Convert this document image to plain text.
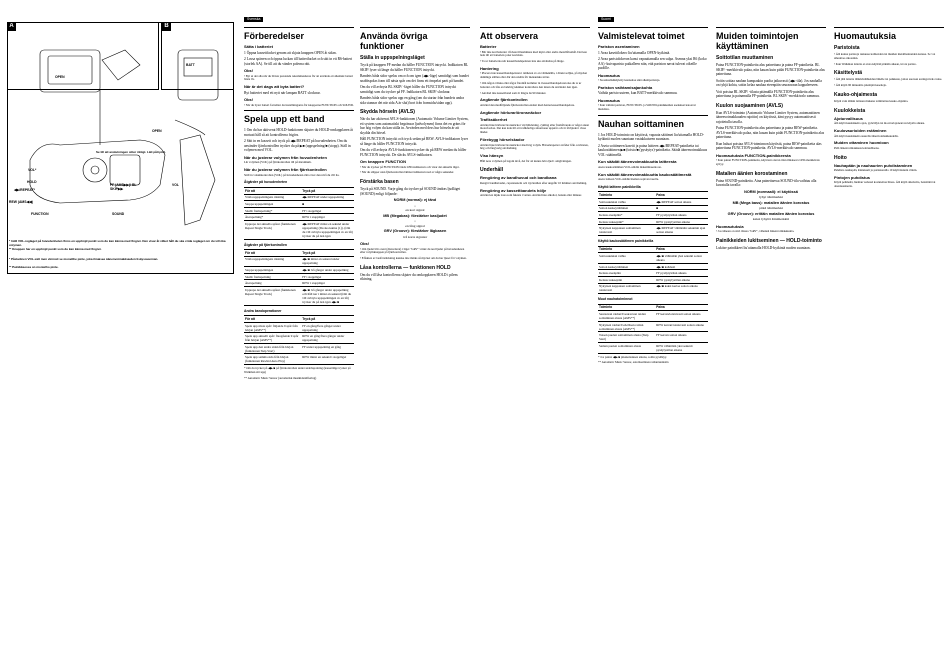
A	B
OPEN
BATT
OPEN
Se till att anslutningen sitter riktigt. Lätt påtryckt.
VOL*
HOLD
◀▶/REPEAT*
REW (AMS◀◀)
FUNCTION	SOUND
FF (AMS▶▶)/ BL SKIP▶▶
VOL
* Intill VOL-reglaget på huvudenheten finns en upphöjd punkt som du kan känna med fingret. Den visar åt vilket håll du ska vrida reglaget om du vill öka volymen.
** Knappen har en upphöjd punkt som du kan känna med fingret.
* Påskelinen VOL-sätt men vimnoit se monelthe pinte, joka ilmaisee äänenvoimakkuuden lisäyssuunnan.
** Painikkeessa on monielho pinte.
Svenska	Suomi
Förberedelser
Sätta i batteriet

1 Öppna kassettfacket genom att skjuta knappen OPEN åt sidan.

2 Lossa spärren och öppna luckan till batterifacket och sätt in ett R6-batteri (storlek AA). Se till att du vänder polerna rätt.

Obs!

• Byt ut det alla när du blösta prestanda rekommenderas för att använda ett alkaliskt batteri bästa liv.

När är det dags att byta batteri?

Byt batteriet med ett nytt när lampan BATT slocknar.

Obs!

• När du byter batteri fortsätter du installningarna för knapparna FUNCTION och SOUND.

Spela upp ett band

1 Om du har aktiverat HOLD-funktionen skjuter du HOLD-omkopplaren åt motsatt håll så att kontrollerna frigörs.

2 Sätt in en kassett och tryck på ◀▶/REPEAT på huvudenheten. Om du använder fjärrkontrollen trycker du på ▶■ (uppspelning/■ (stopp). Ställ in volymen med VOL.

När du justerar volymen från huvudenheten

Lär volymen (VOL) på fjärrkontrollen till på maximum.

När du justerar volymen från fjärrkontrollen

Ställ in volumkontrollen (VOL) på huvudenheten rätta över den nivå du vill ha.

Åtgärder på huvudenheten
För att	Tryck på
Växla uppspelningens riktning	◀▶/REPEAT under uppspelning
Stoppa uppspelningen	■
Snabb framspolning*	FF i stoppläget
Återspolning*	REW i stoppläget
Upprepa det aktuella spåret (funktionen Repeat Single Track)	◀▶/REPEAT minst en sekund under uppspelning (Du ska kunna (1)). (Om du vill avbryta uppspelningen av en låt) trycker du på den igen
Åtgärder på fjärrkontrollen
För att	Tryck på
Växla uppspelningens riktning	◀▶/■ minst en sekund under uppspelning
Stoppa uppspelningen	◀▶/■ två gånger under uppspelning
Snabb framspolning	FF i stoppläget
Återspolning	REW i stoppläget
Upprepa det aktuella spåret (funktionen Repeat Single Track)	◀▶/■ två gånger under uppspelning och håll ner i minst en sekund (Om du vill avbryta uppspelningen av en låt) trycker du på den igen ◀▶/■
Andra bandoperationer
För att	Tryck på
Spela upp nästa spår/ följande 9 spår från början (AMS**)	FF en gång/flera gånger under uppspelning
Spela upp aktuellt spår/ föregående 9 spår från början (AMS**)	REW en gång/flera gånger under uppspelning
Spela upp den andra sidan från början (funktionen Skip Start)	FF under uppspelning en gång
Spela upp samma sida från början (funktionen Rewind Auto Play)	REW minst en sekund i stoppläget

* Om du trycker på ◀▶/■ på fjärrkontrollen under snabbspolning (kassettläge trycker på Walkman sitt upp)

** Automatic Music Sensor (automatisk musikidentifiering)

Använda övriga funktioner
Ställa in uppspelningsläget

Tryck på knappen FF medan du håller FUNCTION intryckt. Indikatorn BL SKIP/ lyser så länge du håller FUNCTION intryckt.

Bandets båda sidor spelas om och om igen (◀▶-läge) samtidigt som bandet snabbspolas fram till nästa spår om det finns ett ömpelat parti på bandet.

Om du vill avbryta BL SKIP/ -läget håller du FUNCTION intryckt samtidigt som du trycker på FF. Indikatorn BL SKIP/ slocknar.

Bandets båda sidor spelas upp en gång (om du startar från bandets andra sida stannar det när sida A är slut) bort från framsida/sidan upp).

Skydda hörseln (AVLS)

När du har aktiverat AVLS-funktionen (Automatic Volume Limiter System, ett system som automatiskt begränsar ljudvolymen) finns det en gräns för hur hög volym du kan ställa in. Avvärden med dess hur hörseln är att skydda din hörsel.

Håll FUNCTION intryckt och tryck sedan på REW. AVLS-indikatorn lyser så länge du håller FUNCTION intryckt.

Om du vill avbryta AVLS-funktionen trycker du på REW medan du håller FUNCTION intryckt. De släcks AVLS-indikatorn.

Om knappen FUNCTION

• När du trycker på FUNCTION tänds LED-indikatorn och visar det aktuella läget.

• När du släpper utan fjärrkontrollen lämnar indikatorn ned av några sekunder.

Förstärka basen

Tryck på SOUND. Varje gång du trycker på SOUND ändras ljudläget (SOUND) enligt följande:

NORM (normal): ej tänd
↓
en kort signal
MB (Megabas): förstärker basljudet
↓
en lång signal
GRV (Groove): förstärker lågbasen
två korta signaler
Obs!

• Om ljudet blir orent (distorderat) i läget "GRV" vrider du ned ljudet på huvudenheten eller volymknappen på fjärrkontrollen.

• Effekten av basförstärkning kanske inte märks så mycket om du har ljuset för volymen.

Låsa kontrollerna — funktionen HOLD

Om du vill låsa kontrollerna skjuter du omkopplaren HOLD i pilens riktning.

Att observera
Batterier

• Bär inte kortbatterier i fickan tillsammans med mynt eller andra metallföremål. Det kan leda till att batteriets poler kortsluts.

• Ta ur batterierna när kassettbandspelaren inte ska användas på länge.

Hantering

• Placera inte kassettbandspelaren i närheten av en värmekälla, i direkt solljus, på mycket dammiga ställen eller där den utsätts för mekaniska stötar.

• Om någon vätska eller något föremål kommer in i kassettbandspelaren ska du ta ur batteriet och låta en behörig tekniker kontrollera den innan du använder den igen.

• Använd inte kassettband som är längre än 90 minuter.

Angående fjärrkontrollen

Använd den medföljande fjärrkontrollen endast med denna kassettbandspelare.

Angående hörlurar/öronsnäckor
Trafiksäkerhet

Använd inte hörlurar/öronsnäckor vid bilkörning, cykling eller framförande av något annat motorfordon. Det kan leda till att trafikfarliga situationer uppstår och är förbjudet i vissa länder.

Förebygg hörselskador

Använd inte hörlurar/öronsnäckor med hög volym. Hörselexperter avråder från oavbruten, hög och långvarig användning.

Visa hänsyn

Håll nere volymen på lagom nivå, det för att kunna höra ljud i omgivningen.

Underhåll
Rengöring av bandhuvud och bandbana

Rengör bandhuvudet, capstanaxeln och tryckrullen efter ungefär 10 timmars användning.

Rengöring av kassettbandets hölje

Använd en mjuk trasa som fuktats i vatten. Använd inte alkohol, bensin eller thinner.

Valmistelevat toimet
Pariston asentaminen

1 Avaa kasettilokero liu'uttamalla OPEN-kytkintä.

2 Avaa paristolokeron kansi vapauttamalla sen salpa. Asenna yksi R6 (koko AA) -kuivaparisto paikalleen niin, että pariston navat tulevat oikeille puolille.

Huomautus

• Suosituslisäkäytetty kannattaa sinä alkaliparistoja.

Pariston vaihtamisajankohta

Vaihda paristo uuteen, kun BATT-merkkivalo sammuu.

Huomautus

• Kun vaihdat pariston, FUNCTION- ja SOUND-painikkeiden asetukset katoavat muistista.

Nauhan soittaminen

1 Jos HOLD-toiminto on käytössä, vapauta säätimet liu'uttamalla HOLD-kytkintä nuolen suuntaan vastakkaiseen suuntaan.

2 Aseta soittimeen kasetti ja paina laitteen ◀▶/REPEAT-painiketta tai kaukosäätimen ▶■ (toisto/■ (pysäytys)-painiketta. Säädä äänenvoimakkuus VOL-säätimellä.

Kun säädät äänenvoimakkuutta laitteesta

Aseta kaukosäätimen VOL-säädin maksimiasentoon.

Kun säädät äänenvoimakkuutta kaukosäätimestä

Aseta laitteen VOL-säädin hieman sopivan tasolle.

Käyttö laitteen painikkeilla
Toiminto	Paina
Soittosuunnan vaihto	◀▶/REPEAT soiton aikana
Soiton keskeyttäminen	■
Kelaus eteenpäin*	FF pysäytystilan aikana
Kelaus taaksepäin*	REW pysäytystilan aikana
Nykyisen kappaleen soittaminen toistuvasti	◀▶/REPEAT vähintään sekunnin ajan soiton aikana
Käyttö kaukosäätimen painikkeilla
Toiminto	Paina
Soittosuunnan vaihto	◀▶/■ vähintään yksi sekunti soiton aikana
Soiton keskeyttäminen	◀▶/■ kahdesti
Kelaus eteenpäin	FF pysäytystilan aikana
Kelaus taaksepäin	REW pysäytystilan aikana
Nykyisen kappaleen soittaminen toistuvasti	◀▶/■ kaksi kertaa soiton aikana
Muut nauhatoiminnot
Toiminto	Paina
Seuraavan raidan/9 seuraavan raidan soittaminen alusta (AMS**)	FF kerran/toistuvasti soiton aikana
Nykyisen raidan/9 edellisen raidan soittaminen alusta (AMS**)	REW kerran/toistuvasti soiton aikana
Toisen puolen soittaminen alusta (Skip Start)	FF kerran soiton aikana
Saman puolen soittaminen alusta	REW vähintään yksi sekunti pysäytystilan aikana

* Jos painat ◀▶/■ pikakelauksen aikana, soitin pysähtyy.

** Automatic Music Sensor, automaattinen raidantunnistin

Muiden toimintojen käyttäminen
Soittotilan muuttaminen

Paina FUNCTION-painiketta alas painettuna ja paina FF-painiketta. BL SKIP/ -merkkivalo palaa, niin kauan kuin pidät FUNCTION-painiketta alas painettuna.

Soitin soittaa nauhan kumpaakin puolta jatkuvasti (◀▶-tila). Jos nauhalla on tyhjä kohta, soitin kelaa nauhaa eteenpäin seuraavaan kappaleeseen.

Voit poistaa BL SKIP/ -tilasta pitämällä FUNCTION-painiketta alas painettuna ja painamalla FF-painiketta. BL SKIP/ -merkkivalo sammuu.

Kuulon suojaaminen (AVLS)

Kun AVLS-toiminto (Automatic Volume Limiter System, automaattinen äänenvoimakkuuden rajoitin) on käytössä, ääni pysyy automaattisesti rajoitetulla tasolla.

Paina FUNCTION-painiketta alas painettuna ja paina REW-painiketta. AVLS-merkkivalo palaa, niin kauan kuin pidät FUNCTION-painiketta alas painettuna.

Kun haluat poistaa AVLS-toiminnon käytöstä, paina REW-painiketta alas painettuna FUNCTION-painiketta. AVLS-merkkivalo sammuu.

Huomautuksia FUNCTION-painikkeesta

• Kun painat FUNCTION-painiketta, käytössä olevan tilan ilmaiseva LED-merkkivalo syttyy.

Matalien äänien korostaminen

Paina SOUND-painiketta. Aina painettaessa SOUND-tila vaihtuu alla kuvatulla tavalla:

NORM (normaali): ei käytössä
lyhyt äänimerkki
MB (Mega bass): matalien äänien korostus
pitkä äänimerkki
GRV (Groove): erittäin matalien äänien korostus
kaksi lyhyttä äänimerkkiä
Huomautuksia

• Jos ääneen on särö tilassa "GRV", vähennä äänenvoimakkuutta.

Painikkeiden lukitseminen — HOLD-toiminto

Lukitse painikkeet liu'uttamalla HOLD-kytkintä nuolen suuntaan.

Huomautuksia
Paristoista

• Älä kanna paristoja taskussa kolikoiden tai muiden metalliesineiden kanssa. Se voi aiheuttaa oikosulun.

• Kun Walkman laitetta ei aiota käyttää pitkään aikaan, irrota paristo.

Käsittelystä

• Älä jätä laitetta lämmönlähteiden lähelle tai paikkaan, johon suoraan auringonvalo tulee.

• Älä käytä 90 minuuttia pitempiä kasetteja.

Kauko-ohjaimesta

Käytä vain tämän laitteen mukana toimitettua kauko-ohjainta.

Kuulokkeista
Ajoturvallisuus

Älä käytä kuulokkeita ajon, pyöräilyn tai moottoriajoneuvon käytön aikana.

Kuulovaurioiden estäminen

Älä käytä kuulokkeita suurella äänenvoimakkuudella.

Muiden ottaminen huomioon

Pidä äänenvoimakkuus kohtuullisena.

Hoito
Nauhapään ja nauhaurien puhdistaminen

Puhdista nauhapää, ääniakseli ja puristusrulla 10 käyttötunnin välein.

Pintojen puhdistus

Käytä pehmeää, hieman vedessä kostutettua liinaa. Älä käytä alkoholia, bensiiniä tai ohennusainetta.
